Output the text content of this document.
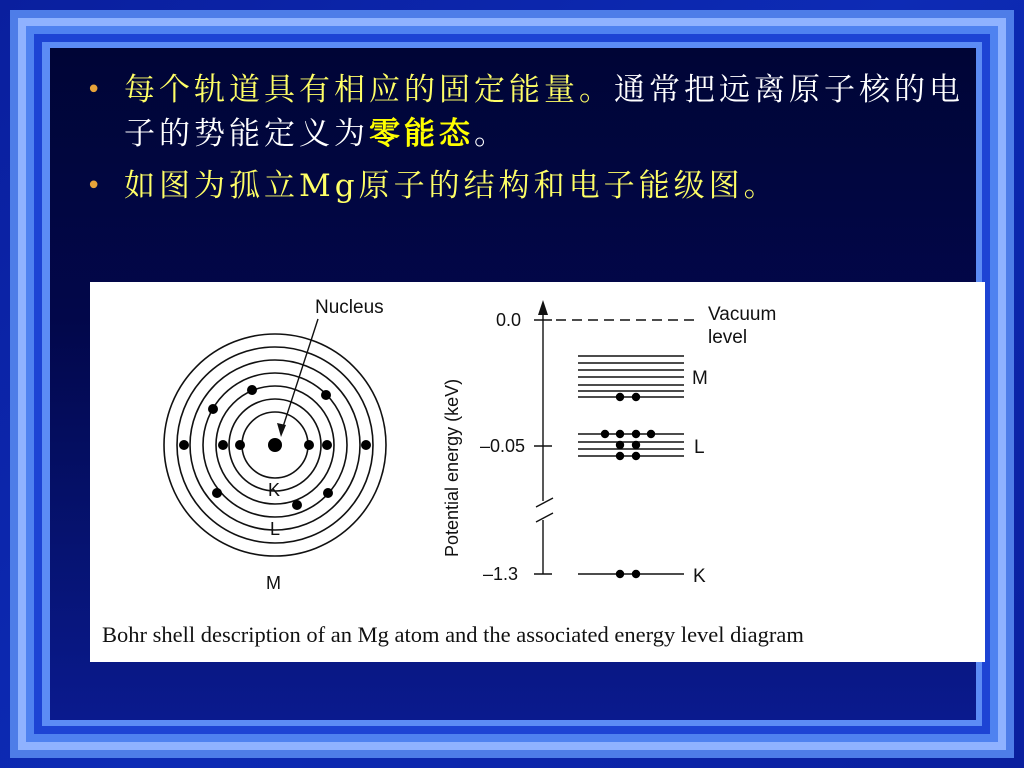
• 每个轨道具有相应的固定能量。通常把远离原子核的电子的势能定义为零能态。
• 如图为孤立Mg原子的结构和电子能级图。
Nucleus
K
L
M
Potential energy (keV)
0.0
–0.05
–1.3
Vacuum
level
M
L
K
Bohr shell description of an Mg atom and the associated energy level diagram
